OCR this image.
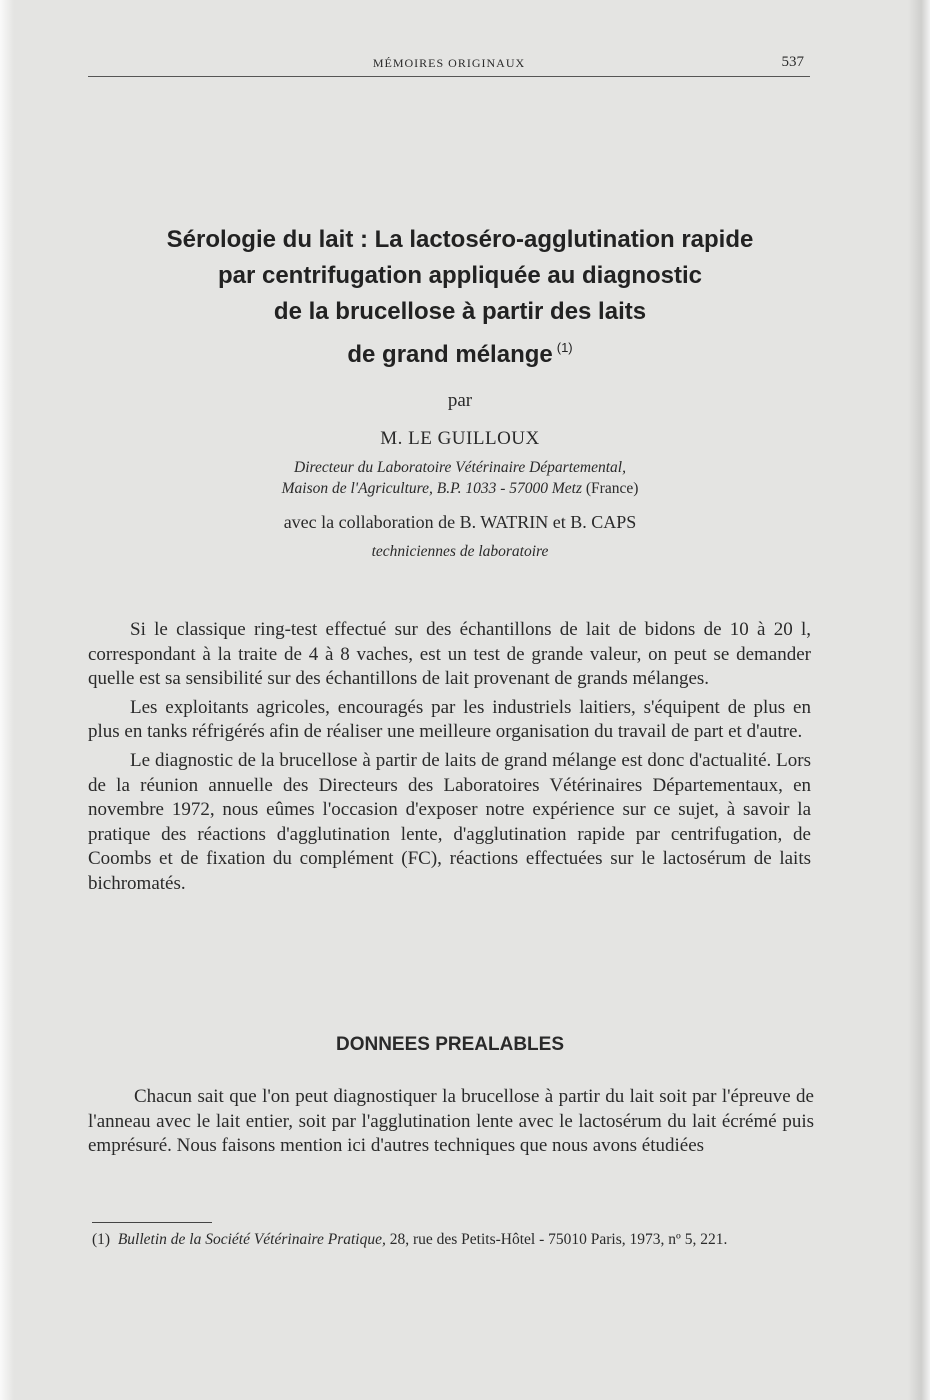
MÉMOIRES ORIGINAUX	537
Sérologie du lait : La lactoséro-agglutination rapide
par centrifugation appliquée au diagnostic
de la brucellose à partir des laits
de grand mélange $^{(1)}$
par
M. LE GUILLOUX
Directeur du Laboratoire Vétérinaire Départemental,
Maison de l'Agriculture, B.P. 1033 - 57000 Metz (France)
avec la collaboration de B. WATRIN et B. CAPS
techniciennes de laboratoire

Si le classique ring-test effectué sur des échantillons de lait de bidons de 10 à 20 l, correspondant à la traite de 4 à 8 vaches, est un test de grande valeur, on peut se demander quelle est sa sensibilité sur des échantillons de lait provenant de grands mélanges.

Les exploitants agricoles, encouragés par les industriels laitiers, s'équipent de plus en plus en tanks réfrigérés afin de réaliser une meilleure organisation du travail de part et d'autre.

Le diagnostic de la brucellose à partir de laits de grand mélange est donc d'actualité. Lors de la réunion annuelle des Directeurs des Laboratoires Vétérinaires Départementaux, en novembre 1972, nous eûmes l'occasion d'exposer notre expérience sur ce sujet, à savoir la pratique des réactions d'agglutination lente, d'agglutination rapide par centrifugation, de Coombs et de fixation du complément (FC), réactions effectuées sur le lactosérum de laits bichromatés.

DONNEES PREALABLES

Chacun sait que l'on peut diagnostiquer la brucellose à partir du lait soit par l'épreuve de l'anneau avec le lait entier, soit par l'agglutination lente avec le lactosérum du lait écrémé puis emprésuré. Nous faisons mention ici d'autres techniques que nous avons étudiées

(1) Bulletin de la Société Vétérinaire Pratique, 28, rue des Petits-Hôtel - 75010 Paris, 1973, nº 5, 221.
